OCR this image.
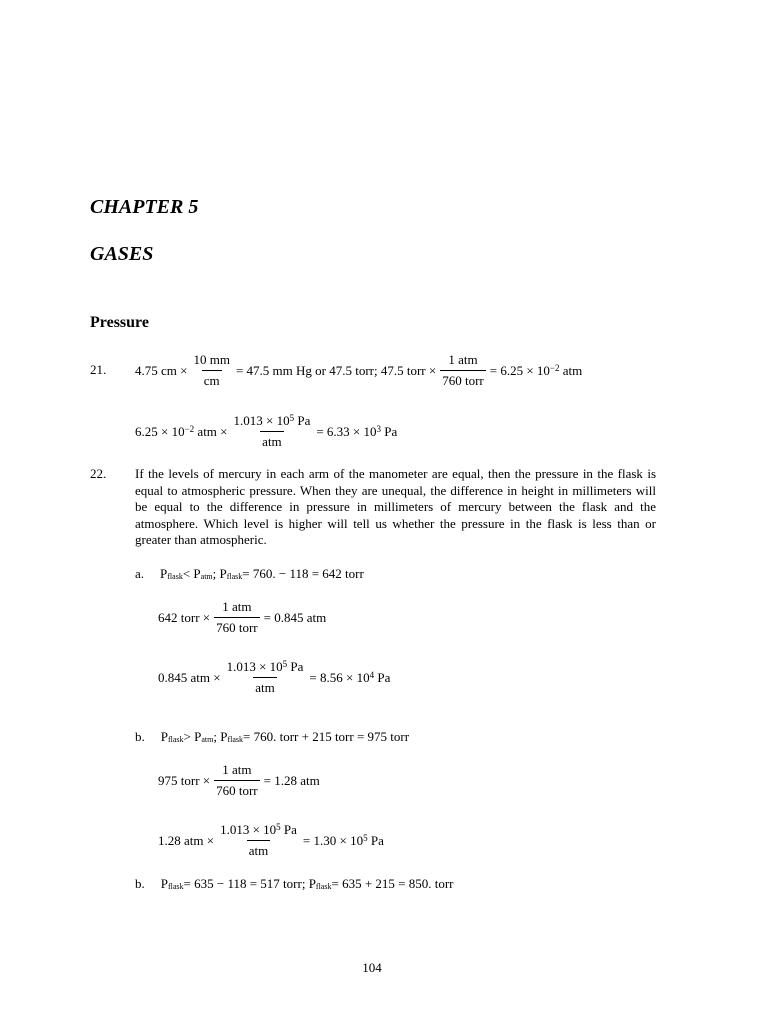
CHAPTER 5
GASES
Pressure
21. 4.75 cm × $\frac{10 mm}{cm} = 47.5$ mm Hg or 47.5 torr; 47.5 torr × $\frac{\text{1 atm}}{\text{760 torr}} = 6.25 \times 10^{-2}$ atm
$6.25 \times 10^{-2}$ atm × $\frac{1.013 \times 10^5 Pa}{\text{atm}} = 6.33 \times 10^3$ Pa
22. If the levels of mercury in each arm of the manometer are equal, then the pressure in the flask is equal to atmospheric pressure. When they are unequal, the difference in height in millimeters will be equal to the difference in pressure in millimeters of mercury between the flask and the atmosphere. Which level is higher will tell us whether the pressure in the flask is less than or greater than atmospheric.
a. $P_{flask} < P_{atm}$ ; $P_{flask} = 760$. − 118 = 642 torr
642 torr × $\frac{\text{1 atm}}{\text{760 torr}} = 0.845$ atm
0.845 atm × $\frac{1.013 \times 10^5 Pa}{\text{atm}} = 8.56 \times 10^4$ Pa
b. $P_{flask} > P_{atm}$ ; $P_{flask} = 760$. torr + 215 torr = 975 torr
975 torr × $\frac{\text{1 atm}}{\text{760 torr}} = 1.28$ atm
1.28 atm × $\frac{1.013 \times 10^5 Pa}{\text{atm}} = 1.30 \times 10^5$ Pa
b. $P_{flask} = 635 - 118 = 517$ torr; $P_{flask} = 635 + 215 = 850$. torr
104
